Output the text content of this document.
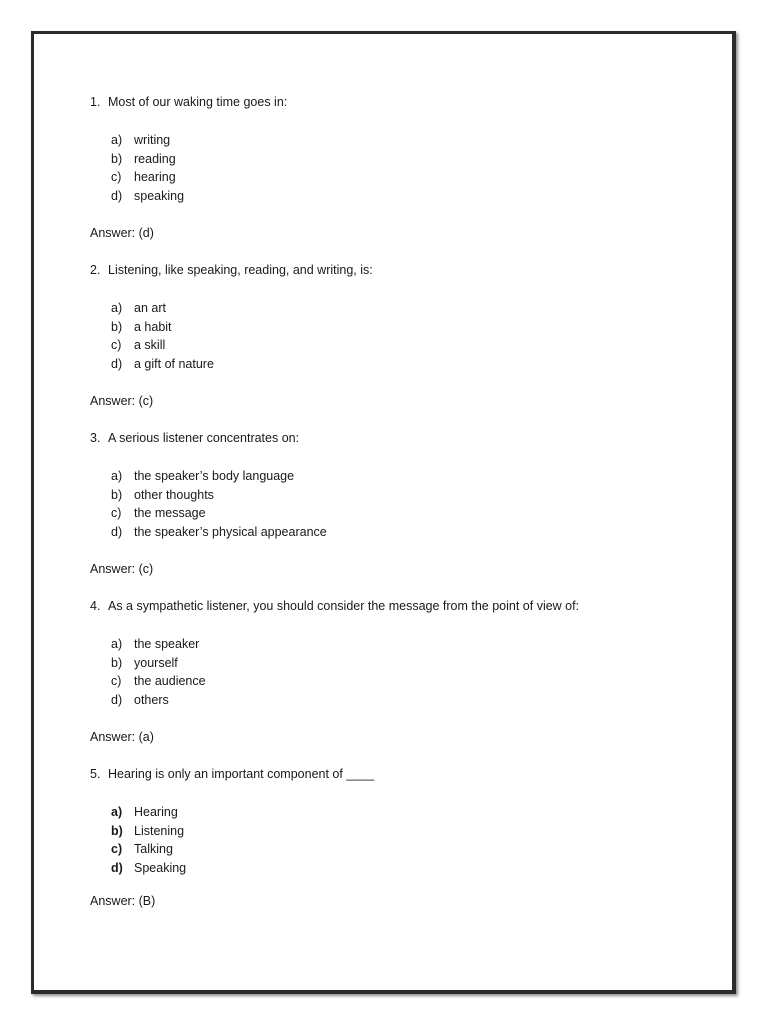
1. Most of our waking time goes in:
a) writing
b) reading
c) hearing
d) speaking
Answer: (d)
2. Listening, like speaking, reading, and writing, is:
a) an art
b) a habit
c) a skill
d) a gift of nature
Answer: (c)
3. A serious listener concentrates on:
a) the speaker’s body language
b) other thoughts
c) the message
d) the speaker’s physical appearance
Answer: (c)
4. As a sympathetic listener, you should consider the message from the point of view of:
a) the speaker
b) yourself
c) the audience
d) others
Answer: (a)
5. Hearing is only an important component of ____
a) Hearing
b) Listening
c) Talking
d) Speaking
Answer: (B)
